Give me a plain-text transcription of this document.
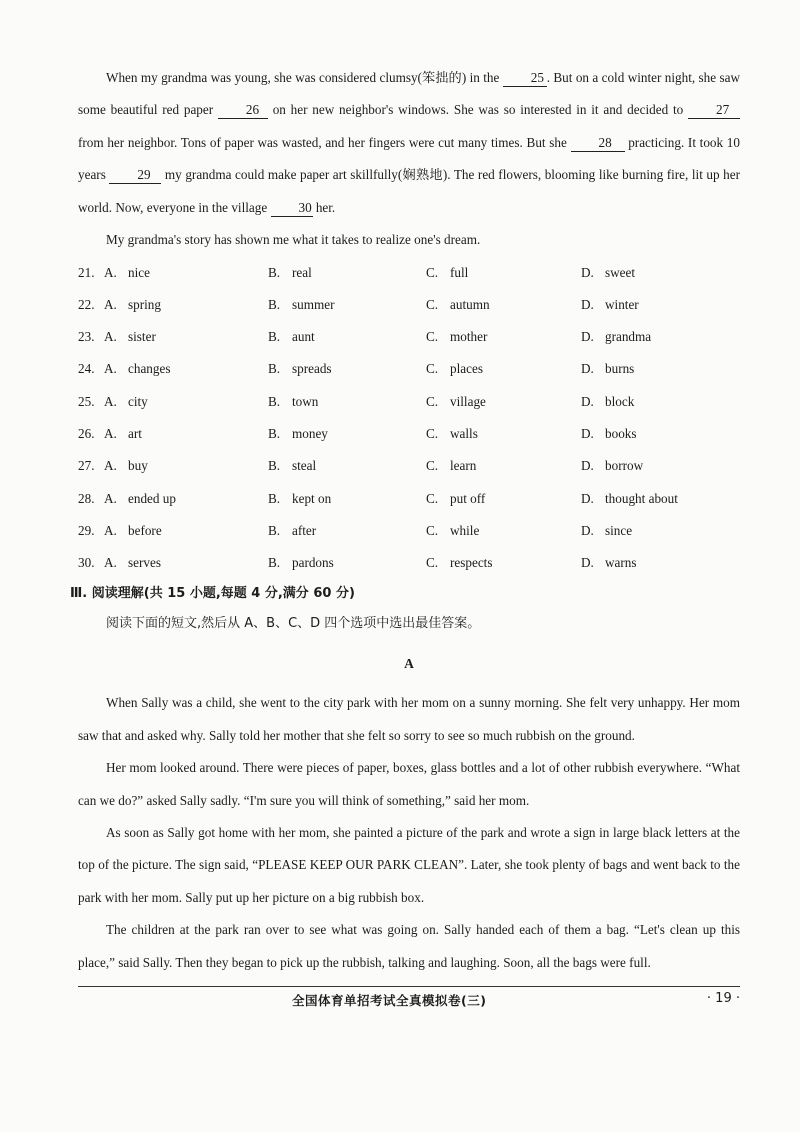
When my grandma was young, she was considered clumsy(笨拙的) in the 25 . But on a cold winter night, she saw some beautiful red paper 26 on her new neighbor's windows. She was so interested in it and decided to 27 from her neighbor. Tons of paper was wasted, and her fingers were cut many times. But she 28 practicing. It took 10 years 29 my grandma could make paper art skillfully(娴熟地). The red flowers, blooming like burning fire, lit up her world. Now, everyone in the village 30 her.

My grandma's story has shown me what it takes to realize one's dream.

21. A. nice	B. real	C. full	D. sweet
22. A. spring	B. summer	C. autumn	D. winter
23. A. sister	B. aunt	C. mother	D. grandma
24. A. changes	B. spreads	C. places	D. burns
25. A. city	B. town	C. village	D. block
26. A. art	B. money	C. walls	D. books
27. A. buy	B. steal	C. learn	D. borrow
28. A. ended up	B. kept on	C. put off	D. thought about
29. A. before	B. after	C. while	D. since
30. A. serves	B. pardons	C. respects	D. warns
Ⅲ. 阅读理解(共 15 小题,每题 4 分,满分 60 分)
阅读下面的短文,然后从 A、B、C、D 四个选项中选出最佳答案。
A

When Sally was a child, she went to the city park with her mom on a sunny morning. She felt very unhappy. Her mom saw that and asked why. Sally told her mother that she felt so sorry to see so much rubbish on the ground.

Her mom looked around. There were pieces of paper, boxes, glass bottles and a lot of other rubbish everywhere. “What can we do?” asked Sally sadly. “I'm sure you will think of something,” said her mom.

As soon as Sally got home with her mom, she painted a picture of the park and wrote a sign in large black letters at the top of the picture. The sign said, “PLEASE KEEP OUR PARK CLEAN”. Later, she took plenty of bags and went back to the park with her mom. Sally put up her picture on a big rubbish box.

The children at the park ran over to see what was going on. Sally handed each of them a bag. “Let's clean up this place,” said Sally. Then they began to pick up the rubbish, talking and laughing. Soon, all the bags were full.

全国体育单招考试全真模拟卷(三)	· 19 ·
